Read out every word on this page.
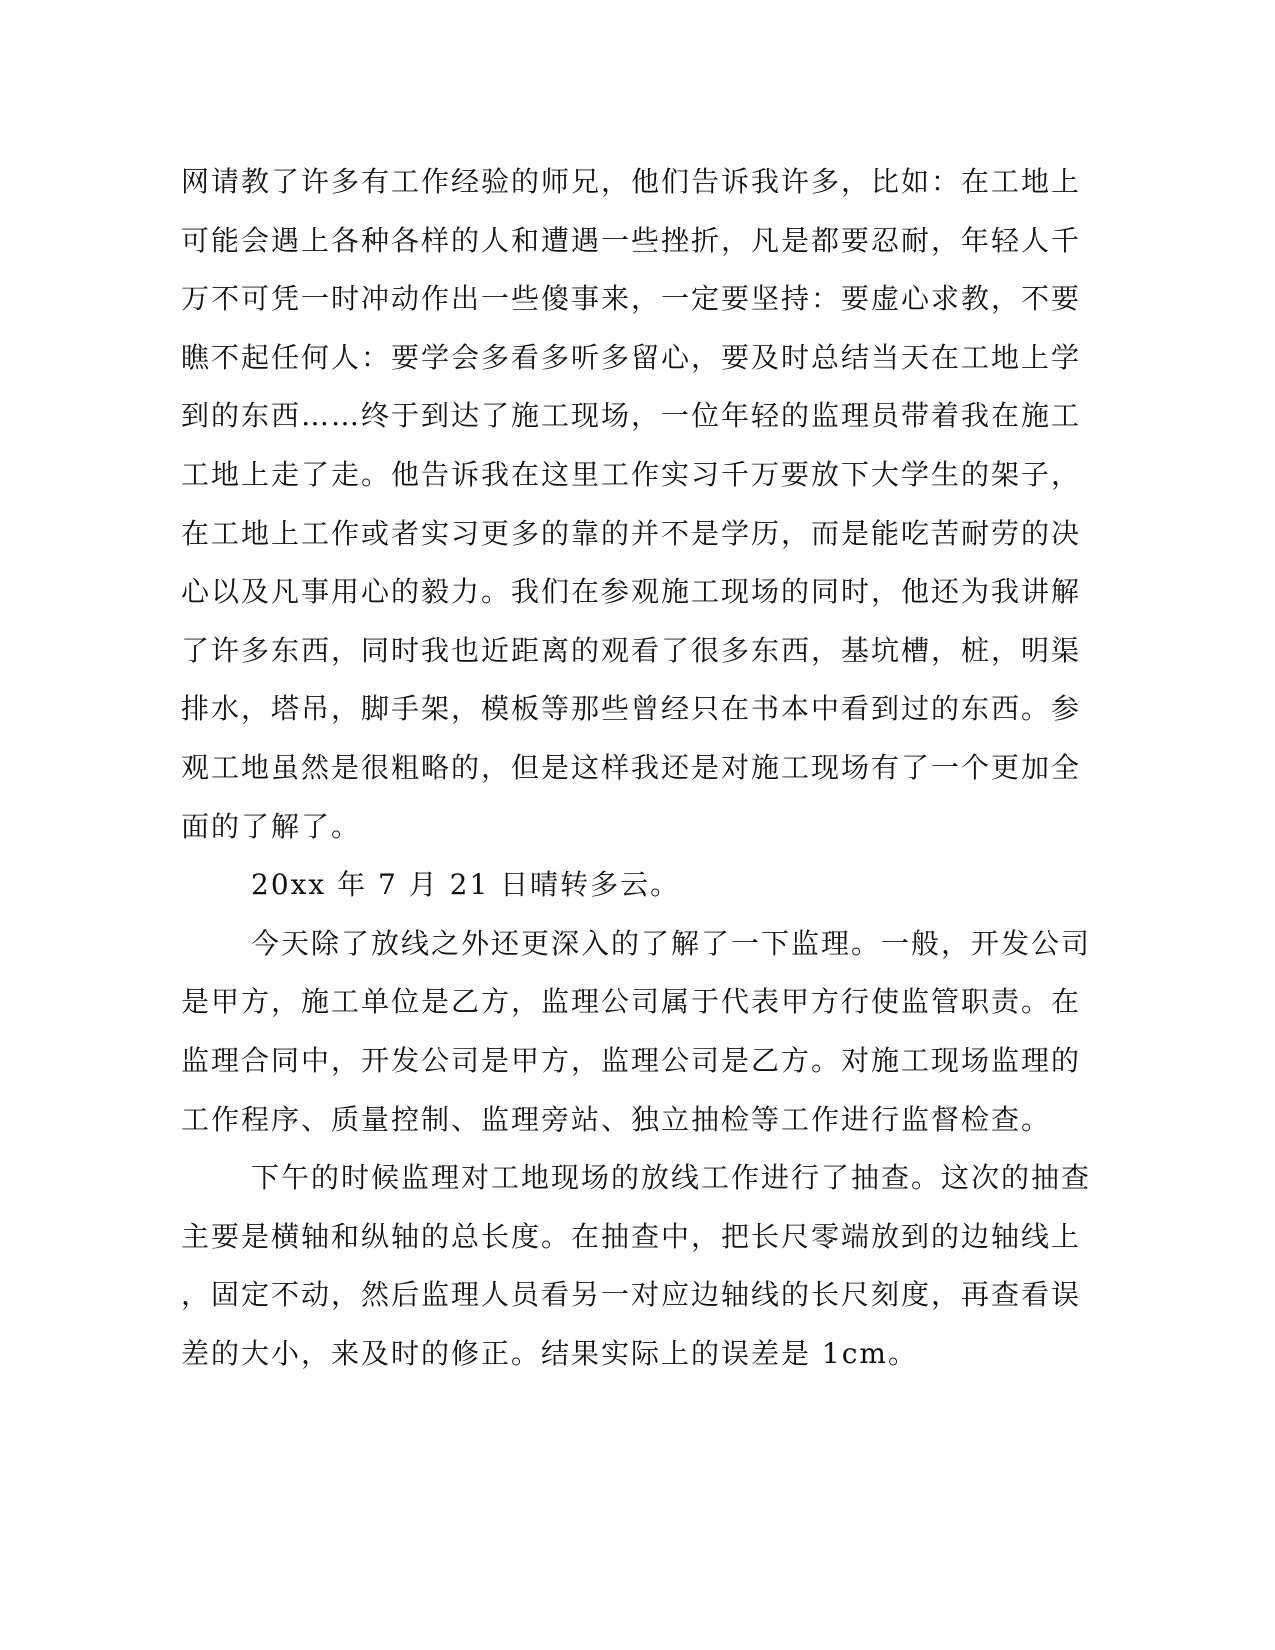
网请教了许多有工作经验的师兄，他们告诉我许多，比如：在工地上
可能会遇上各种各样的人和遭遇一些挫折，凡是都要忍耐，年轻人千
万不可凭一时冲动作出一些傻事来，一定要坚持：要虚心求教，不要
瞧不起任何人：要学会多看多听多留心，要及时总结当天在工地上学
到的东西……终于到达了施工现场，一位年轻的监理员带着我在施工
工地上走了走。他告诉我在这里工作实习千万要放下大学生的架子，
在工地上工作或者实习更多的靠的并不是学历，而是能吃苦耐劳的决
心以及凡事用心的毅力。我们在参观施工现场的同时，他还为我讲解
了许多东西，同时我也近距离的观看了很多东西，基坑槽，桩，明渠
排水，塔吊，脚手架，模板等那些曾经只在书本中看到过的东西。参
观工地虽然是很粗略的，但是这样我还是对施工现场有了一个更加全
面的了解了。
20xx 年 7 月 21 日晴转多云。
今天除了放线之外还更深入的了解了一下监理。一般，开发公司
是甲方，施工单位是乙方，监理公司属于代表甲方行使监管职责。在
监理合同中，开发公司是甲方，监理公司是乙方。对施工现场监理的
工作程序、质量控制、监理旁站、独立抽检等工作进行监督检查。
下午的时候监理对工地现场的放线工作进行了抽查。这次的抽查
主要是横轴和纵轴的总长度。在抽查中，把长尺零端放到的边轴线上
，固定不动，然后监理人员看另一对应边轴线的长尺刻度，再查看误
差的大小，来及时的修正。结果实际上的误差是 1cm。
